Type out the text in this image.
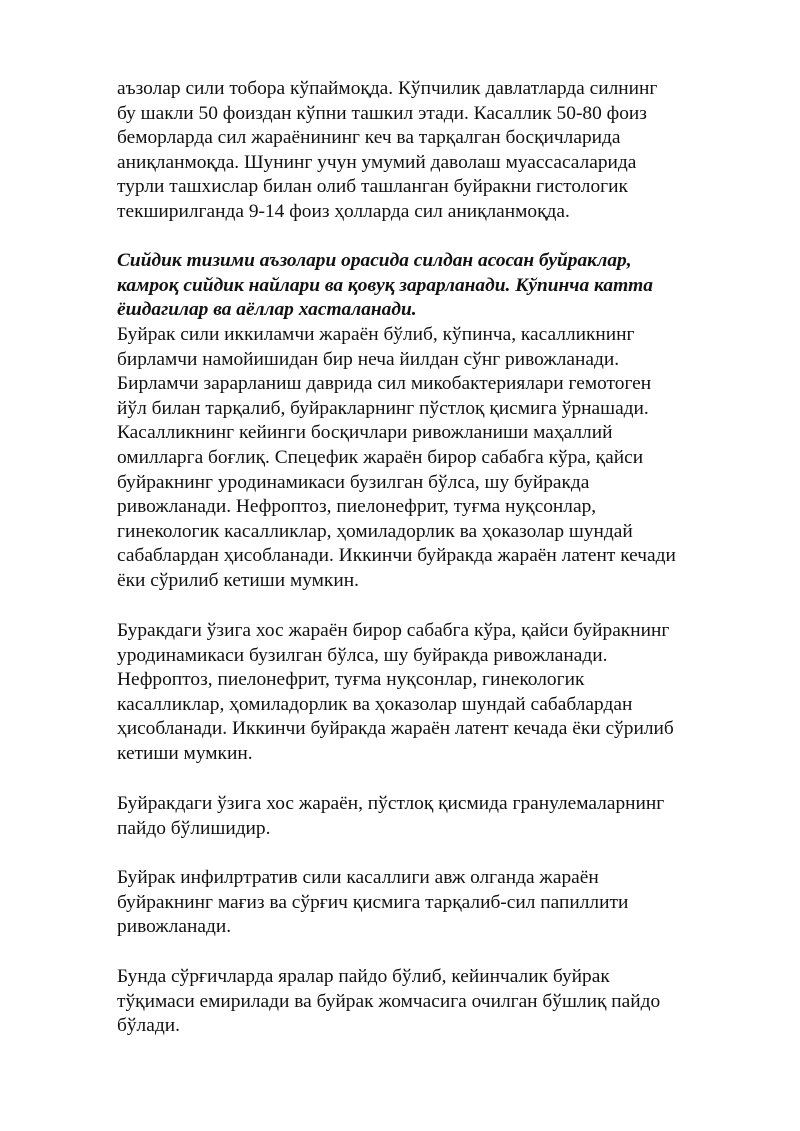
аъзолар сили тобора кўпаймоқда. Кўпчилик давлатларда силнинг
бу шакли 50 фоиздан кўпни ташкил этади. Касаллик 50-80 фоиз
беморларда сил жараёнининг кеч ва тарқалган босқичларида
аниқланмоқда. Шунинг учун умумий даволаш муассасаларида
турли ташхислар билан олиб ташланган буйракни гистологик
текширилганда 9-14 фоиз ҳолларда сил аниқланмоқда.

Сийдик тизими аъзолари орасида силдан асосан буйраклар,
камроқ сийдик найлари ва қовуқ зарарланади. Кўпинча катта
ёшдагилар ва аёллар хасталанади.

Буйрак сили иккиламчи жараён бўлиб, кўпинча, касалликнинг
бирламчи намойишидан бир неча йилдан сўнг ривожланади.
Бирламчи зарарланиш даврида сил микобактериялари гемотоген
йўл билан тарқалиб, буйракларнинг пўстлоқ қисмига ўрнашади.
Касалликнинг кейинги босқичлари ривожланиши маҳаллий
омилларга боғлиқ. Спецефик жараён бирор сабабга кўра, қайси
буйракнинг уродинамикаси бузилган бўлса, шу буйракда
ривожланади. Нефроптоз, пиелонефрит, туғма нуқсонлар,
гинекологик касалликлар, ҳомиладорлик ва ҳоказолар шундай
сабаблардан ҳисобланади. Иккинчи буйракда жараён латент кечади
ёки сўрилиб кетиши мумкин.

Буракдаги ўзига хос жараён бирор сабабга кўра, қайси буйракнинг
уродинамикаси бузилган бўлса, шу буйракда ривожланади.
Нефроптоз, пиелонефрит, туғма нуқсонлар, гинекологик
касалликлар, ҳомиладорлик ва ҳоказолар шундай сабаблардан
ҳисобланади. Иккинчи буйракда жараён латент кечада ёки сўрилиб
кетиши мумкин.

Буйракдаги ўзига хос жараён, пўстлоқ қисмида гранулемаларнинг
пайдо бўлишидир.

Буйрак инфилртратив сили касаллиги авж олганда жараён
буйракнинг мағиз ва сўрғич қисмига тарқалиб-сил папиллити
ривожланади.

Бунда сўрғичларда яралар пайдо бўлиб, кейинчалик буйрак
тўқимаси емирилади ва буйрак жомчасига очилган бўшлиқ пайдо
бўлади.
